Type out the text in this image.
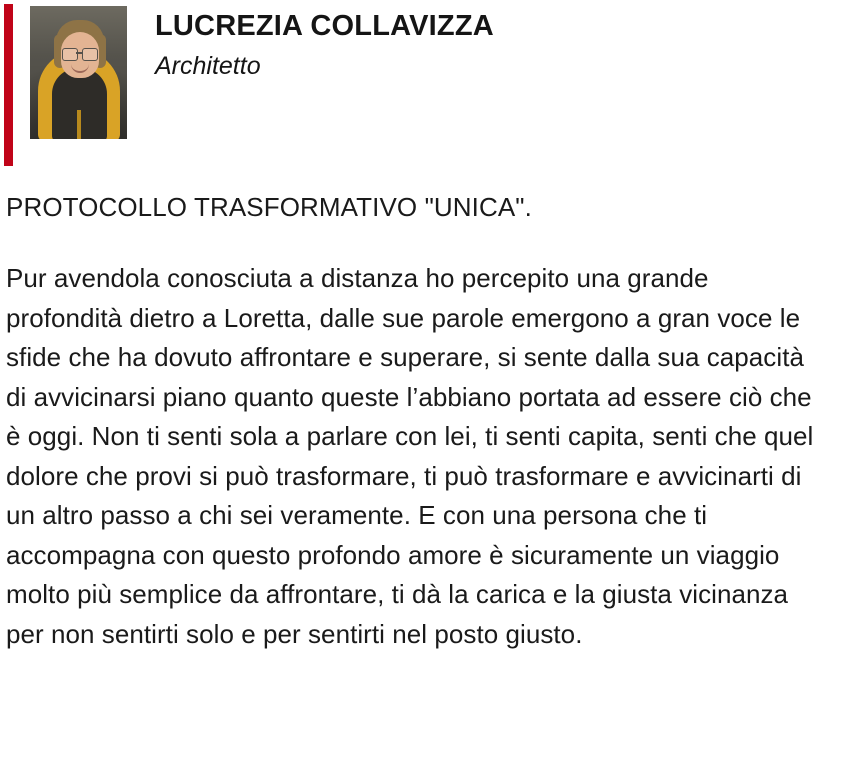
LUCREZIA COLLAVIZZA
Architetto
PROTOCOLLO TRASFORMATIVO "UNICA".
Pur avendola conosciuta a distanza ho percepito una grande profondità dietro a Loretta, dalle sue parole emergono a gran voce le sfide che ha dovuto affrontare e superare, si sente dalla sua capacità di avvicinarsi piano quanto queste l’abbiano portata ad essere ciò che è oggi. Non ti senti sola a parlare con lei, ti senti capita, senti che quel dolore che provi si può trasformare, ti può trasformare e avvicinarti di un altro passo a chi sei veramente. E con una persona che ti accompagna con questo profondo amore è sicuramente un viaggio molto più semplice da affrontare, ti dà la carica e la giusta vicinanza per non sentirti solo e per sentirti nel posto giusto.
